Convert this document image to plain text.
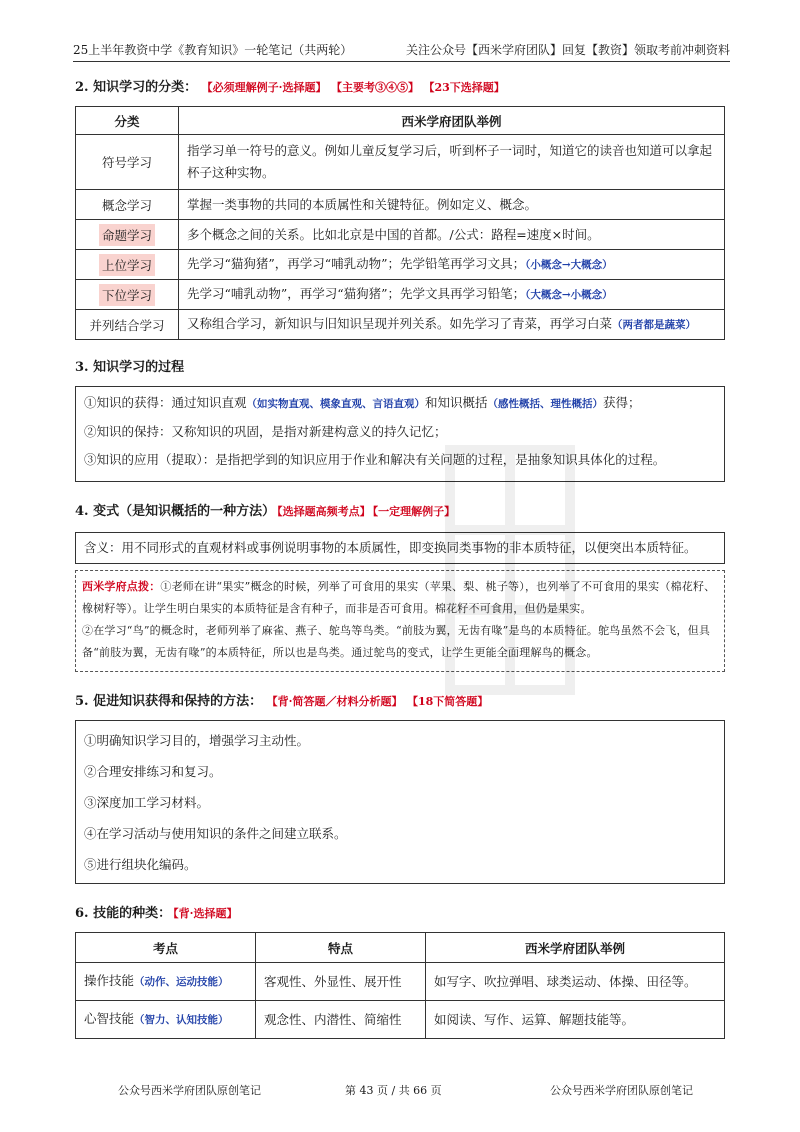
25上半年教资中学《教育知识》一轮笔记（共两轮）	关注公众号【西米学府团队】回复【教资】领取考前冲刺资料
2. 知识学习的分类： 【必须理解例子·选择题】 【主要考③④⑤】 【23下选择题】
分类	西米学府团队举例
符号学习	指学习单一符号的意义。例如儿童反复学习后，听到杯子一词时，知道它的读音也知道可以拿起杯子这种实物。
概念学习	掌握一类事物的共同的本质属性和关键特征。例如定义、概念。
命题学习	多个概念之间的关系。比如北京是中国的首都。/公式：路程=速度×时间。
上位学习	先学习“猫狗猪”，再学习“哺乳动物”；先学铅笔再学习文具；（小概念→大概念）
下位学习	先学习“哺乳动物”，再学习“猫狗猪”；先学文具再学习铅笔；（大概念→小概念）
并列结合学习	又称组合学习，新知识与旧知识呈现并列关系。如先学习了青菜，再学习白菜（两者都是蔬菜）
3. 知识学习的过程

①知识的获得：通过知识直观（如实物直观、模象直观、言语直观）和知识概括（感性概括、理性概括）获得；

②知识的保持：又称知识的巩固，是指对新建构意义的持久记忆；

③知识的应用（提取）：是指把学到的知识应用于作业和解决有关问题的过程，是抽象知识具体化的过程。

4. 变式（是知识概括的一种方法） 【选择题高频考点】 【一定理解例子】

含义：用不同形式的直观材料或事例说明事物的本质属性，即变换同类事物的非本质特征，以便突出本质特征。

西米学府点拨：①老师在讲“果实”概念的时候，列举了可食用的果实（苹果、梨、桃子等），也列举了不可食用的果实（棉花籽、橡树籽等）。让学生明白果实的本质特征是含有种子，而非是否可食用。棉花籽不可食用，但仍是果实。
②在学习“鸟”的概念时，老师列举了麻雀、燕子、鸵鸟等鸟类。“前肢为翼，无齿有喙”是鸟的本质特征。鸵鸟虽然不会飞，但具备“前肢为翼，无齿有喙”的本质特征，所以也是鸟类。通过鸵鸟的变式，让学生更能全面理解鸟的概念。
5. 促进知识获得和保持的方法： 【背·简答题／材料分析题】 【18下简答题】

①明确知识学习目的，增强学习主动性。

②合理安排练习和复习。

③深度加工学习材料。

④在学习活动与使用知识的条件之间建立联系。

⑤进行组块化编码。

6. 技能的种类： 【背·选择题】
考点	特点	西米学府团队举例
操作技能（动作、运动技能）	客观性、外显性、展开性	如写字、吹拉弹唱、球类运动、体操、田径等。
心智技能（智力、认知技能）	观念性、内潜性、简缩性	如阅读、写作、运算、解题技能等。
公众号西米学府团队原创笔记	第 43 页 / 共 66 页	公众号西米学府团队原创笔记
